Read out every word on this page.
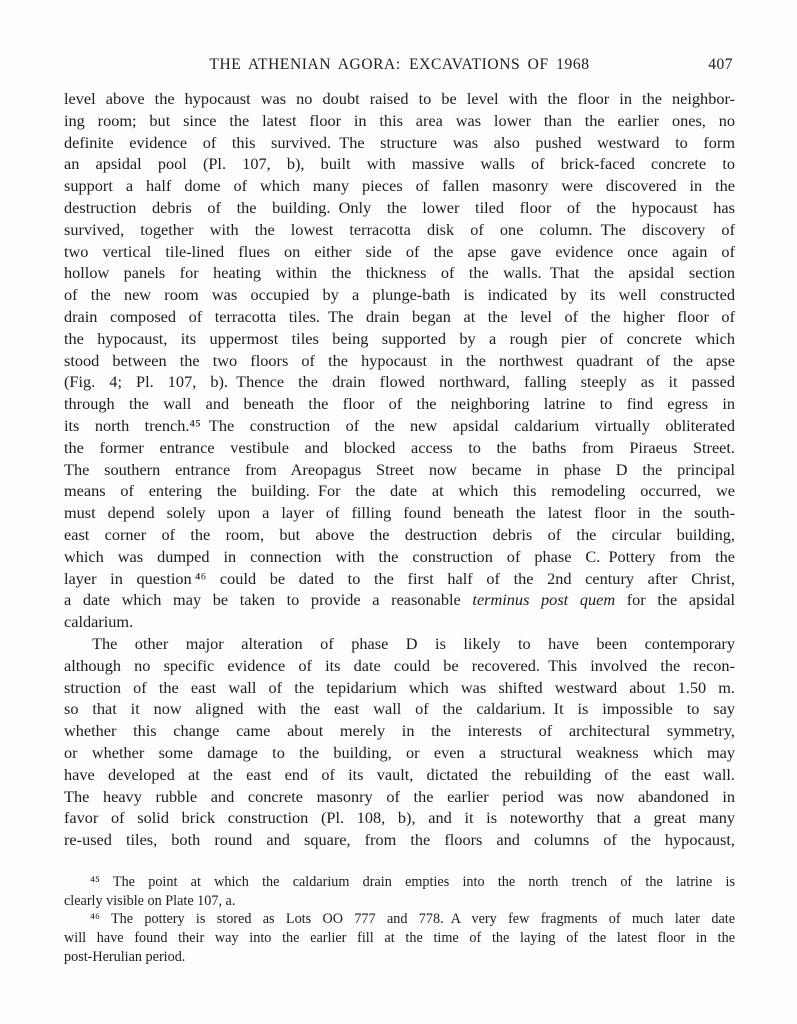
THE ATHENIAN AGORA: EXCAVATIONS OF 1968	407
level above the hypocaust was no doubt raised to be level with the floor in the neighbor-
ing room; but since the latest floor in this area was lower than the earlier ones, no
definite evidence of this survived. The structure was also pushed westward to form
an apsidal pool (Pl. 107, b), built with massive walls of brick-faced concrete to
support a half dome of which many pieces of fallen masonry were discovered in the
destruction debris of the building. Only the lower tiled floor of the hypocaust has
survived, together with the lowest terracotta disk of one column. The discovery of
two vertical tile-lined flues on either side of the apse gave evidence once again of
hollow panels for heating within the thickness of the walls. That the apsidal section
of the new room was occupied by a plunge-bath is indicated by its well constructed
drain composed of terracotta tiles. The drain began at the level of the higher floor of
the hypocaust, its uppermost tiles being supported by a rough pier of concrete which
stood between the two floors of the hypocaust in the northwest quadrant of the apse
(Fig. 4; Pl. 107, b). Thence the drain flowed northward, falling steeply as it passed
through the wall and beneath the floor of the neighboring latrine to find egress in
its north trench.⁴⁵ The construction of the new apsidal caldarium virtually obliterated
the former entrance vestibule and blocked access to the baths from Piraeus Street.
The southern entrance from Areopagus Street now became in phase D the principal
means of entering the building. For the date at which this remodeling occurred, we
must depend solely upon a layer of filling found beneath the latest floor in the south-
east corner of the room, but above the destruction debris of the circular building,
which was dumped in connection with the construction of phase C. Pottery from the
layer in question ⁴⁶ could be dated to the first half of the 2nd century after Christ,
a date which may be taken to provide a reasonable terminus post quem for the apsidal
caldarium.
The other major alteration of phase D is likely to have been contemporary
although no specific evidence of its date could be recovered. This involved the recon-
struction of the east wall of the tepidarium which was shifted westward about 1.50 m.
so that it now aligned with the east wall of the caldarium. It is impossible to say
whether this change came about merely in the interests of architectural symmetry,
or whether some damage to the building, or even a structural weakness which may
have developed at the east end of its vault, dictated the rebuilding of the east wall.
The heavy rubble and concrete masonry of the earlier period was now abandoned in
favor of solid brick construction (Pl. 108, b), and it is noteworthy that a great many
re-used tiles, both round and square, from the floors and columns of the hypocaust,
⁴⁵ The point at which the caldarium drain empties into the north trench of the latrine is
clearly visible on Plate 107, a.
⁴⁶ The pottery is stored as Lots OO 777 and 778. A very few fragments of much later date
will have found their way into the earlier fill at the time of the laying of the latest floor in the
post-Herulian period.
